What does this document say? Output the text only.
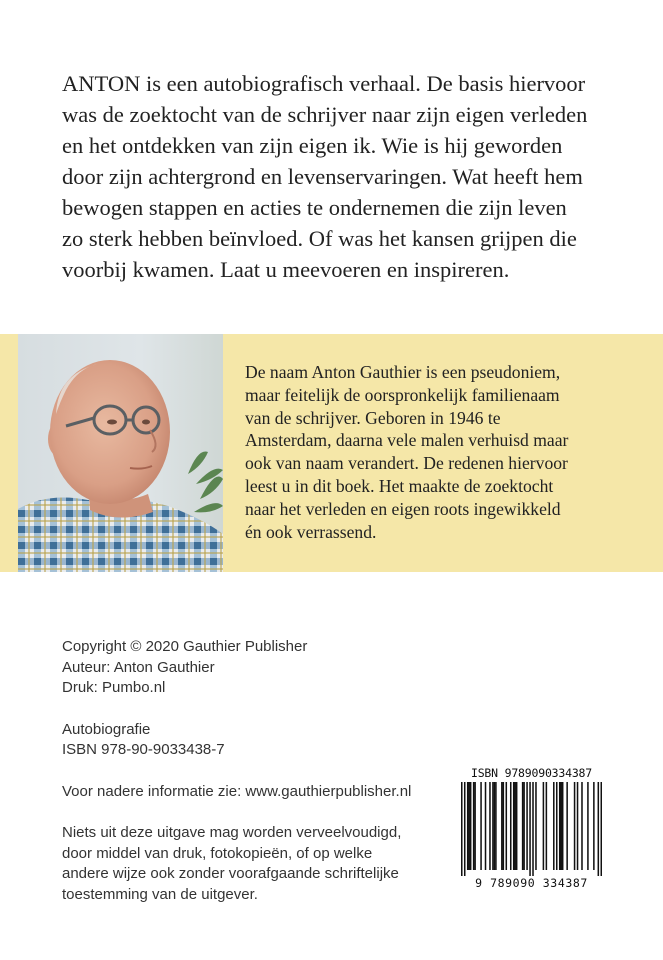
ANTON is een autobiografisch verhaal. De basis hiervoor
was de zoektocht van de schrijver naar zijn eigen verleden
en het ontdekken van zijn eigen ik. Wie is hij geworden
door zijn achtergrond en levenservaringen. Wat heeft hem
bewogen stappen en acties te ondernemen die zijn leven
zo sterk hebben beïnvloed. Of was het kansen grijpen die
voorbij kwamen. Laat u meevoeren en inspireren.
De naam Anton Gauthier is een pseudoniem,
maar feitelijk de oorspronkelijk familienaam
van de schrijver. Geboren in 1946 te
Amsterdam, daarna vele malen verhuisd maar
ook van naam verandert. De redenen hiervoor
leest u in dit boek. Het maakte de zoektocht
naar het verleden en eigen roots ingewikkeld
én ook verrassend.
Copyright © 2020 Gauthier Publisher
Auteur: Anton Gauthier
Druk: Pumbo.nl
Autobiografie
ISBN 978-90-9033438-7
Voor nadere informatie zie: www.gauthierpublisher.nl
Niets uit deze uitgave mag worden verveelvoudigd,
door middel van druk, fotokopieën, of op welke
andere wijze ook zonder voorafgaande schriftelijke
toestemming van de uitgever.
ISBN 9789090334387
9 789090 334387
